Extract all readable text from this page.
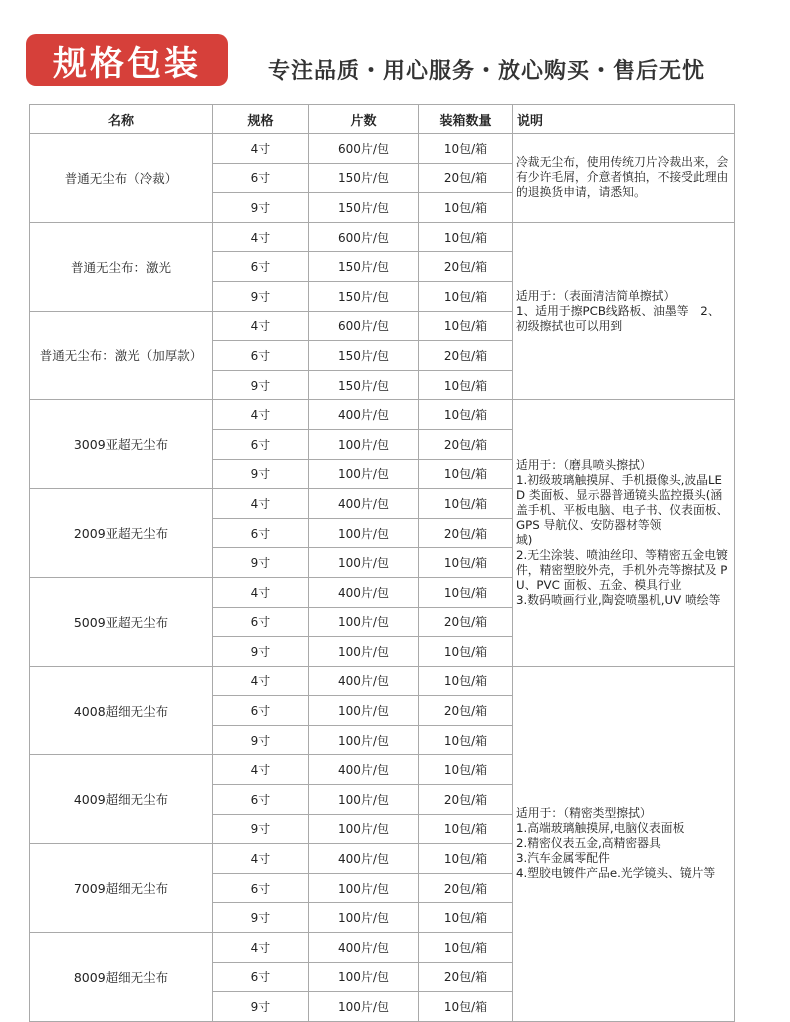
规格包装	专注品质・用心服务・放心购买・售后无忧
名称	规格	片数	装箱数量	说明
普通无尘布（冷裁）	4寸	600片/包	10包/箱	冷裁无尘布，使用传统刀片冷裁出来，会有少许毛屑，介意者慎拍，不接受此理由的退换货申请，请悉知。

	6寸	150片/包	20包/箱	
	9寸	150片/包	10包/箱	
普通无尘布：激光	4寸	600片/包	10包/箱	适用于：（表面清洁简单擦拭）
1、适用于擦PCB线路板、油墨等　2、初级擦拭也可以用到

	6寸	150片/包	20包/箱	
	9寸	150片/包	10包/箱	
普通无尘布：激光（加厚款）	4寸	600片/包	10包/箱	
	6寸	150片/包	20包/箱	
	9寸	150片/包	10包/箱	
3009亚超无尘布	4寸	400片/包	10包/箱	适用于：（磨具喷头擦拭）
1.初级玻璃触摸屏、手机摄像头,波晶LED 类面板、显示器普通镜头监控摄头(涵盖手机、平板电脑、电子书、仪表面板、GPS 导航仪、安防器材等领
域)
2.无尘涂装、喷油丝印、等精密五金电镀件，精密塑胶外壳，手机外壳等擦拭及 PU、PVC 面板、五金、模具行业
3.数码喷画行业,陶瓷喷墨机,UV 喷绘等

	6寸	100片/包	20包/箱	
	9寸	100片/包	10包/箱	
2009亚超无尘布	4寸	400片/包	10包/箱	
	6寸	100片/包	20包/箱	
	9寸	100片/包	10包/箱	
5009亚超无尘布	4寸	400片/包	10包/箱	
	6寸	100片/包	20包/箱	
	9寸	100片/包	10包/箱	
4008超细无尘布	4寸	400片/包	10包/箱	适用于：（精密类型擦拭）
1.高端玻璃触摸屏,电脑仪表面板
2.精密仪表五金,高精密器具
3.汽车金属零配件
4.塑胶电镀件产品e.光学镜头、镜片等

	6寸	100片/包	20包/箱	
	9寸	100片/包	10包/箱	
4009超细无尘布	4寸	400片/包	10包/箱	
	6寸	100片/包	20包/箱	
	9寸	100片/包	10包/箱	
7009超细无尘布	4寸	400片/包	10包/箱	
	6寸	100片/包	20包/箱	
	9寸	100片/包	10包/箱	
8009超细无尘布	4寸	400片/包	10包/箱	
	6寸	100片/包	20包/箱	
	9寸	100片/包	10包/箱	
